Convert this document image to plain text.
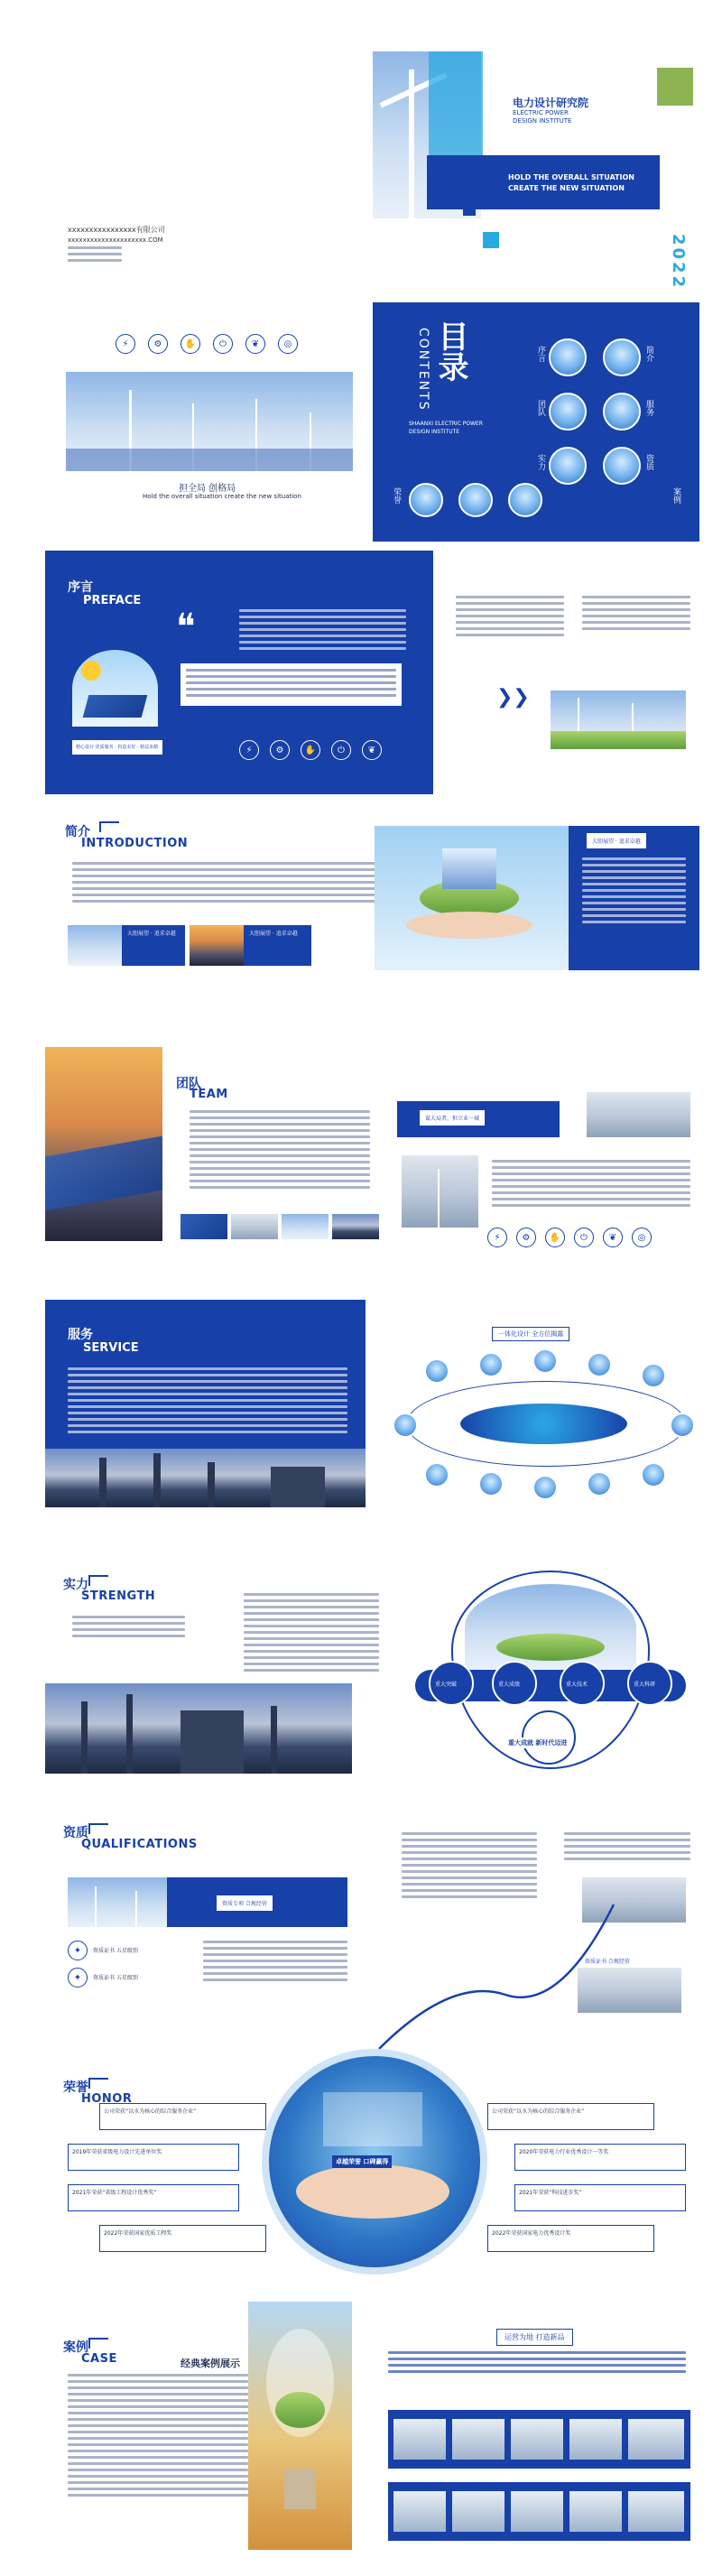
xxxxxxxxxxxxxxxx有限公司
xxxxxxxxxxxxxxxxxxxxx.COM
电力设计研究院
ELECTRIC POWER
DESIGN INSTITUTE
HOLD THE OVERALL SITUATION
CREATE THE NEW SITUATION
2022
⚡	⚙	✋	⏻	❦	◎
担全局 创格局
Hold the overall situation create the new situation
目录
CONTENTS
SHAANXI ELECTRIC POWER
DESIGN INSTITUTE
序言	简介
团队	服务
实力	资质
荣誉	案例
序言
PREFACE
❝
精心设计 优质服务 · 构造美好 · 精益求精	⚡	⚙	✋	⏻	❦
❯❯
简介
INTRODUCTION
大胆展望 · 追求卓越	大胆展望 · 追求卓越
大胆展望 · 追求卓越
团队
TEAM
谋大局者，担立业一城
⚡	⚙	✋	⏻	❦	◎
服务
SERVICE
一体化设计 全方位揭露
实力
STRENGTH
重大突破	重大成绩	重大技术	重大科研
重大成就 新时代迈进
资质
QUALIFICATIONS
资质专项 合规经营
✦	资质证书 五星级别
✦	资质证书 五星级别
资质证书 合规经营
荣誉
HONOR
卓越荣誉 口碑赢得
公司荣获“以水为核心的综合服务企业”
2019年荣获省级电力设计先进单位奖
2021年荣获“省级工程设计优秀奖”
2022年荣获国家优质工程奖
公司荣获“以水为核心的综合服务企业”
2020年荣获电力行业优秀设计一等奖
2021年荣获“科技进步奖”
2022年荣获国家电力优秀设计奖
案例
CASE	经典案例展示
运营为地 打造新品
